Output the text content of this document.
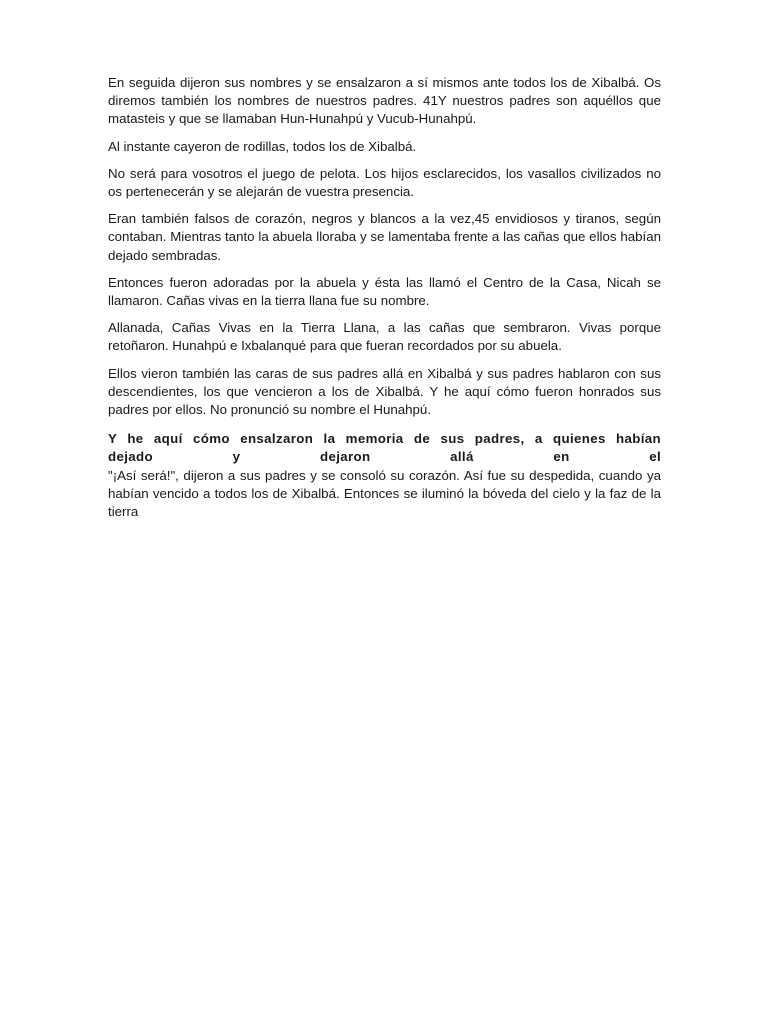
En seguida dijeron sus nombres y se ensalzaron a sí mismos ante todos los de Xibalbá. Os diremos también los nombres de nuestros padres. 41Y nuestros padres son aquéllos que matasteis y que se llamaban Hun-Hunahpú y Vucub-Hunahpú.

Al instante cayeron de rodillas, todos los de Xibalbá.

No será para vosotros el juego de pelota. Los hijos esclarecidos, los vasallos civilizados no os pertenecerán y se alejarán de vuestra presencia.

Eran también falsos de corazón, negros y blancos a la vez,45 envidiosos y tiranos, según contaban. Mientras tanto la abuela lloraba y se lamentaba frente a las cañas que ellos habían dejado sembradas.

Entonces fueron adoradas por la abuela y ésta las llamó el Centro de la Casa, Nicah se llamaron. Cañas vivas en la tierra llana fue su nombre.

Allanada, Cañas Vivas en la Tierra Llana, a las cañas que sembraron. Vivas porque retoñaron. Hunahpú e Ixbalanqué para que fueran recordados por su abuela.

Ellos vieron también las caras de sus padres allá en Xibalbá y sus padres hablaron con sus descendientes, los que vencieron a los de Xibalbá. Y he aquí cómo fueron honrados sus padres por ellos. No pronunció su nombre el Hunahpú.

Y he aquí cómo ensalzaron la memoria de sus padres, a quienes habían
dejado y dejaron allá en el
"¡Así será!", dijeron a sus padres y se consoló su corazón. Así fue su despedida, cuando ya habían vencido a todos los de Xibalbá. Entonces se iluminó la bóveda del cielo y la faz de la tierra
